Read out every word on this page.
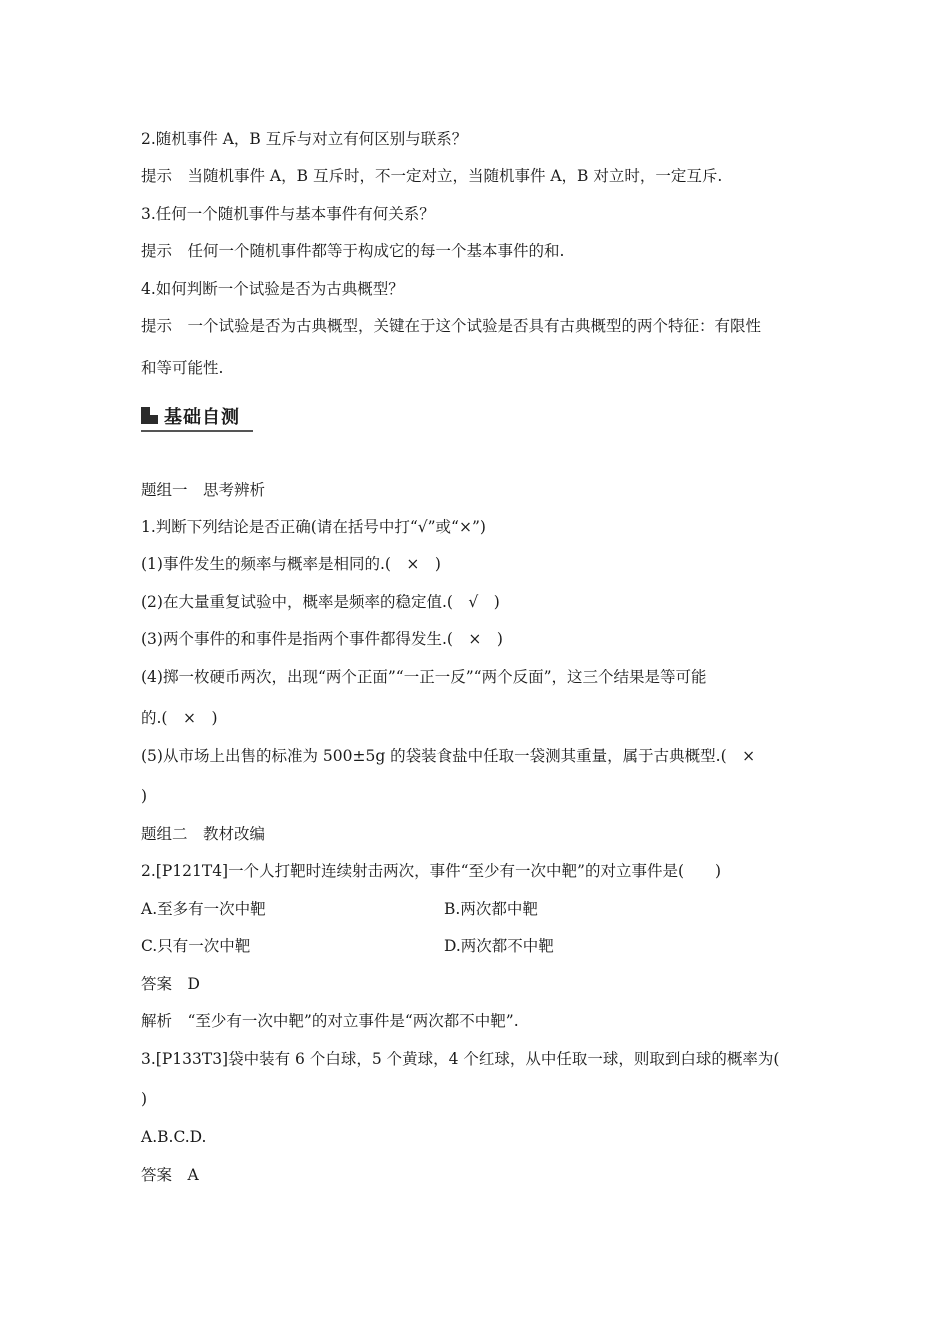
2.随机事件 A，B 互斥与对立有何区别与联系？
提示　当随机事件 A，B 互斥时，不一定对立，当随机事件 A，B 对立时，一定互斥.
3.任何一个随机事件与基本事件有何关系？
提示　任何一个随机事件都等于构成它的每一个基本事件的和.
4.如何判断一个试验是否为古典概型？
提示　一个试验是否为古典概型，关键在于这个试验是否具有古典概型的两个特征：有限性
和等可能性.
基础自测
题组一　思考辨析
1.判断下列结论是否正确(请在括号中打“√”或“×”)
(1)事件发生的频率与概率是相同的.(　×　)
(2)在大量重复试验中，概率是频率的稳定值.(　√　)
(3)两个事件的和事件是指两个事件都得发生.(　×　)
(4)掷一枚硬币两次，出现“两个正面”“一正一反”“两个反面”，这三个结果是等可能
的.(　×　)
(5)从市场上出售的标准为 500±5g 的袋装食盐中任取一袋测其重量，属于古典概型.(　×
)
题组二　教材改编
2.[P121T4]一个人打靶时连续射击两次，事件“至少有一次中靶”的对立事件是(　　)
A.至多有一次中靶	B.两次都中靶
C.只有一次中靶	D.两次都不中靶
答案　D
解析　“至少有一次中靶”的对立事件是“两次都不中靶”.
3.[P133T3]袋中装有 6 个白球，5 个黄球，4 个红球，从中任取一球，则取到白球的概率为(
)
A.B.C.D.
答案　A
